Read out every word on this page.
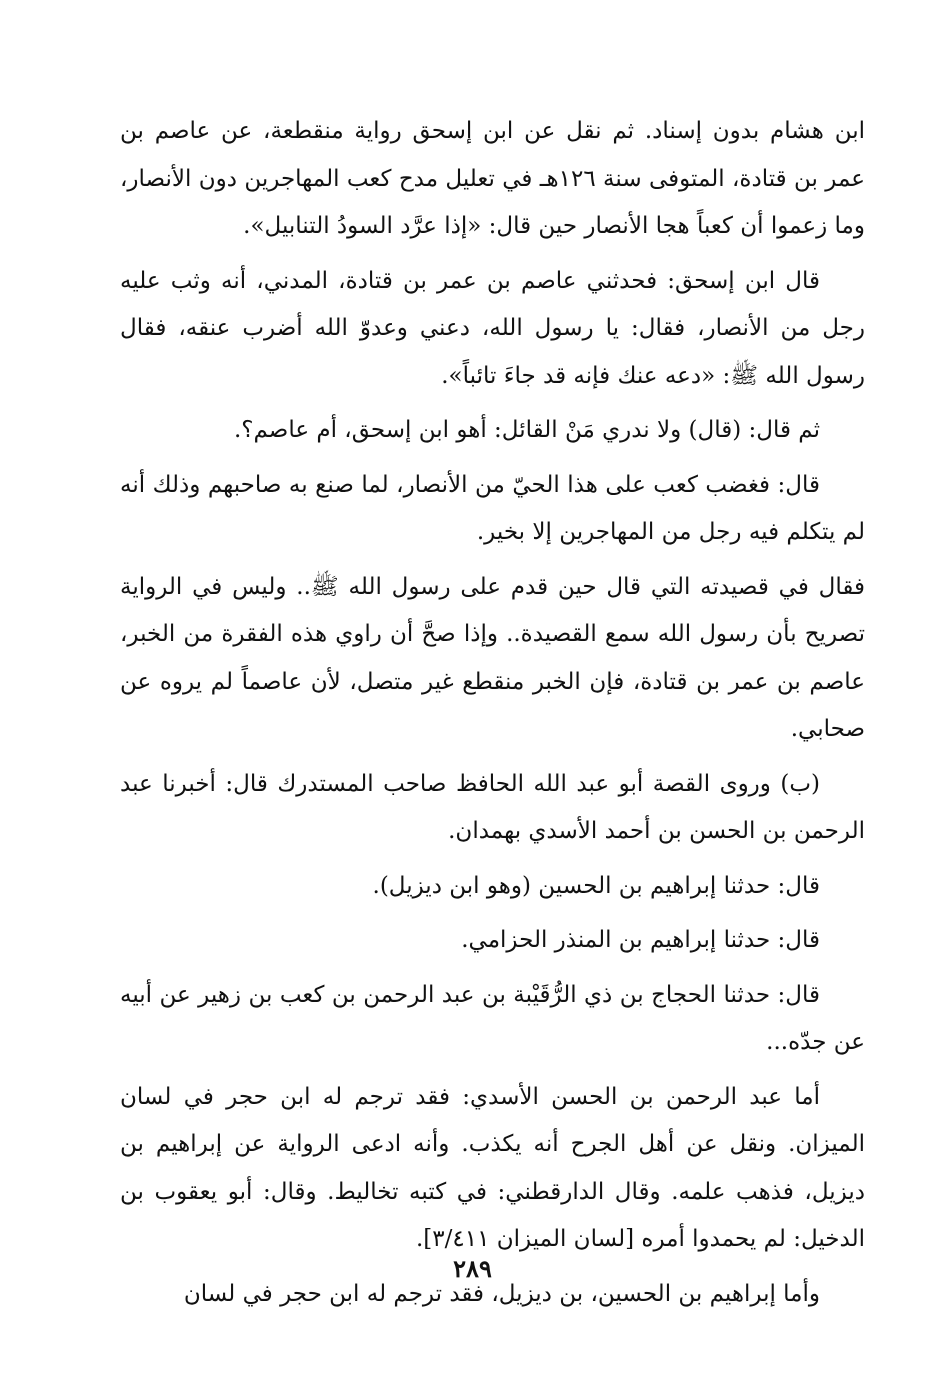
ابن هشام بدون إسناد. ثم نقل عن ابن إسحق رواية منقطعة، عن عاصم بن عمر بن قتادة، المتوفى سنة ١٢٦هـ في تعليل مدح كعب المهاجرين دون الأنصار، وما زعموا أن كعباً هجا الأنصار حين قال: «إذا عرَّد السودُ التنابيل».

قال ابن إسحق: فحدثني عاصم بن عمر بن قتادة، المدني، أنه وثب عليه رجل من الأنصار، فقال: يا رسول الله، دعني وعدوّ الله أضرب عنقه، فقال رسول الله ﷺ: «دعه عنك فإنه قد جاءَ تائباً».

ثم قال: (قال) ولا ندري مَنْ القائل: أهو ابن إسحق، أم عاصم؟.

قال: فغضب كعب على هذا الحيّ من الأنصار، لما صنع به صاحبهم وذلك أنه لم يتكلم فيه رجل من المهاجرين إلا بخير.

فقال في قصيدته التي قال حين قدم على رسول الله ﷺ.. وليس في الرواية تصريح بأن رسول الله سمع القصيدة.. وإذا صحَّ أن راوي هذه الفقرة من الخبر، عاصم بن عمر بن قتادة، فإن الخبر منقطع غير متصل، لأن عاصماً لم يروه عن صحابي.

(ب) وروى القصة أبو عبد الله الحافظ صاحب المستدرك قال: أخبرنا عبد الرحمن بن الحسن بن أحمد الأسدي بهمدان.

قال: حدثنا إبراهيم بن الحسين (وهو ابن ديزيل).

قال: حدثنا إبراهيم بن المنذر الحزامي.

قال: حدثنا الحجاج بن ذي الرُّقَيْبة بن عبد الرحمن بن كعب بن زهير عن أبيه عن جدّه...

أما عبد الرحمن بن الحسن الأسدي: فقد ترجم له ابن حجر في لسان الميزان. ونقل عن أهل الجرح أنه يكذب. وأنه ادعى الرواية عن إبراهيم بن ديزيل، فذهب علمه. وقال الدارقطني: في كتبه تخاليط. وقال: أبو يعقوب بن الدخيل: لم يحمدوا أمره [لسان الميزان ٣/٤١١].

وأما إبراهيم بن الحسين، بن ديزيل، فقد ترجم له ابن حجر في لسان

٢٨٩
